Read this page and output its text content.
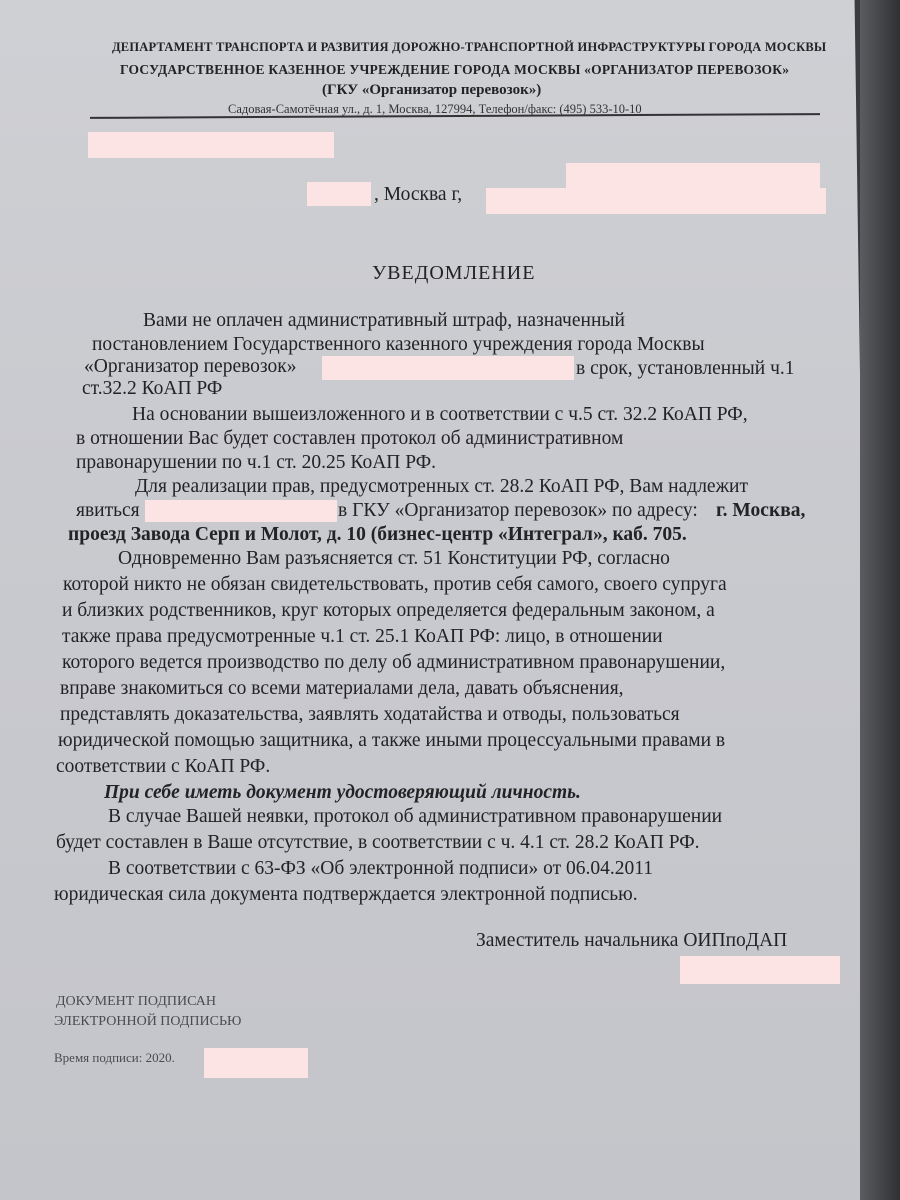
ДЕПАРТАМЕНТ ТРАНСПОРТА И РАЗВИТИЯ ДОРОЖНО-ТРАНСПОРТНОЙ ИНФРАСТРУКТУРЫ ГОРОДА МОСКВЫ
ГОСУДАРСТВЕННОЕ КАЗЕННОЕ УЧРЕЖДЕНИЕ ГОРОДА МОСКВЫ «ОРГАНИЗАТОР ПЕРЕВОЗОК»
(ГКУ «Организатор перевозок»)
Садовая-Самотёчная ул., д. 1, Москва, 127994, Телефон/факс: (495) 533-10-10
, Москва г,
УВЕДОМЛЕНИЕ
Вами не оплачен административный штраф, назначенный
постановлением Государственного казенного учреждения города Москвы
«Организатор перевозок»	в срок, установленный ч.1
ст.32.2 КоАП РФ
На основании вышеизложенного и в соответствии с ч.5 ст. 32.2 КоАП РФ,
в отношении Вас будет составлен протокол об административном
правонарушении по ч.1 ст. 20.25 КоАП РФ.
Для реализации прав, предусмотренных ст. 28.2 КоАП РФ, Вам надлежит
явиться	в ГКУ «Организатор перевозок» по адресу: г. Москва,
проезд Завода Серп и Молот, д. 10 (бизнес-центр «Интеграл», каб. 705.
Одновременно Вам разъясняется ст. 51 Конституции РФ, согласно
которой никто не обязан свидетельствовать, против себя самого, своего супруга
и близких родственников, круг которых определяется федеральным законом, а
также права предусмотренные ч.1 ст. 25.1 КоАП РФ: лицо, в отношении
которого ведется производство по делу об административном правонарушении,
вправе знакомиться со всеми материалами дела, давать объяснения,
представлять доказательства, заявлять ходатайства и отводы, пользоваться
юридической помощью защитника, а также иными процессуальными правами в
соответствии с КоАП РФ.
При себе иметь документ удостоверяющий личность.
В случае Вашей неявки, протокол об административном правонарушении
будет составлен в Ваше отсутствие, в соответствии с ч. 4.1 ст. 28.2 КоАП РФ.
В соответствии с 63-ФЗ «Об электронной подписи» от 06.04.2011
юридическая сила документа подтверждается электронной подписью.
Заместитель начальника ОИПпоДАП
ДОКУМЕНТ ПОДПИСАН
ЭЛЕКТРОННОЙ ПОДПИСЬЮ
Время подписи: 2020.
